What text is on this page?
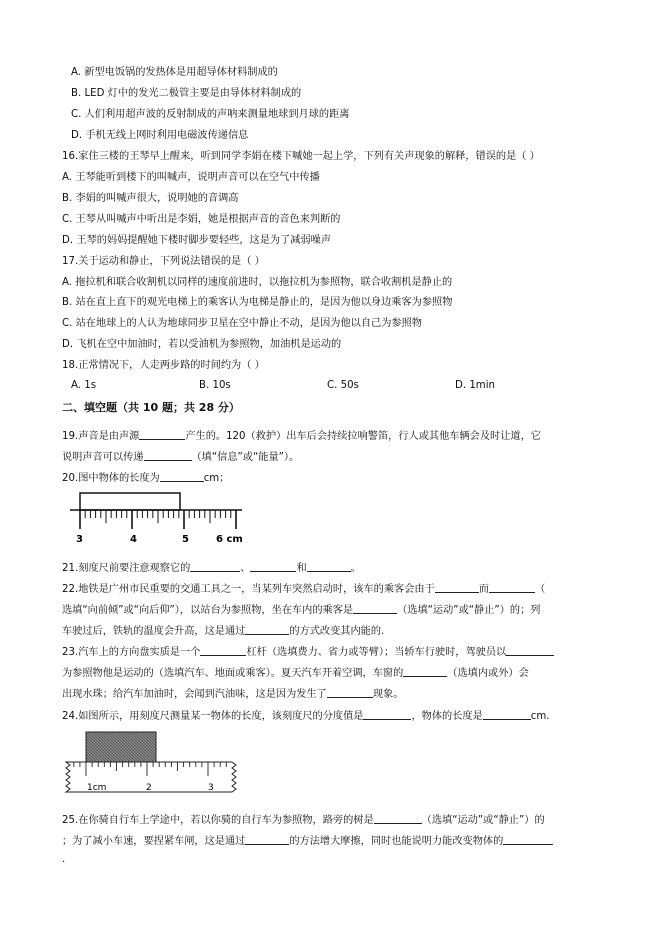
A. 新型电饭锅的发热体是用超导体材料制成的
B. LED 灯中的发光二极管主要是由导体材料制成的
C. 人们利用超声波的反射制成的声呐来测量地球到月球的距离
D. 手机无线上网时利用电磁波传递信息
16.家住三楼的王琴早上醒来，听到同学李娟在楼下喊她一起上学，下列有关声现象的解释，错误的是（ ）
A. 王琴能听到楼下的叫喊声，说明声音可以在空气中传播
B. 李娟的叫喊声很大，说明她的音调高
C. 王琴从叫喊声中听出是李娟，她是根据声音的音色来判断的
D. 王琴的妈妈提醒她下楼时脚步要轻些，这是为了减弱噪声
17.关于运动和静止，下列说法错误的是（ ）
A. 拖拉机和联合收割机以同样的速度前进时，以拖拉机为参照物，联合收割机是静止的
B. 站在直上直下的观光电梯上的乘客认为电梯是静止的，是因为他以身边乘客为参照物
C. 站在地球上的人认为地球同步卫星在空中静止不动，是因为他以自己为参照物
D. 飞机在空中加油时，若以受油机为参照物，加油机是运动的
18.正常情况下，人走两步路的时间约为（ ）
A. 1s	B. 10s	C. 50s	D. 1min
二、填空题（共 10 题；共 28 分）
19.声音是由声源	产生的。120（救护）出车后会持续拉响警笛，行人或其他车辆会及时让道，它
说明声音可以传递	（填“信息”或“能量”）。
20.图中物体的长度为	cm；
3	4	5	6 cm
21.刻度尺前要注意观察它的	、	和	。
22.地铁是广州市民重要的交通工具之一，当某列车突然启动时，该车的乘客会由于	而	（
选填“向前倾”或“向后仰”），以站台为参照物，坐在车内的乘客是	（选填“运动”或“静止”）的；列
车驶过后，铁轨的温度会升高，这是通过	的方式改变其内能的.
23.汽车上的方向盘实质是一个	杠杆（选填费力、省力或等臂）；当轿车行驶时，驾驶员以
为参照物他是运动的（选填汽车、地面或乘客）。夏天汽车开着空调，车窗的	（选填内或外）会
出现水珠；给汽车加油时，会闻到汽油味，这是因为发生了	现象。
24.如图所示，用刻度尺测量某一物体的长度，该刻度尺的分度值是	，物体的长度是	cm.
1cm	2	3
25.在你骑自行车上学途中，若以你骑的自行车为参照物，路旁的树是	（选填“运动”或“静止”）的
；为了减小车速，要捏紧车闸，这是通过	的方法增大摩擦，同时也能说明力能改变物体的
.
